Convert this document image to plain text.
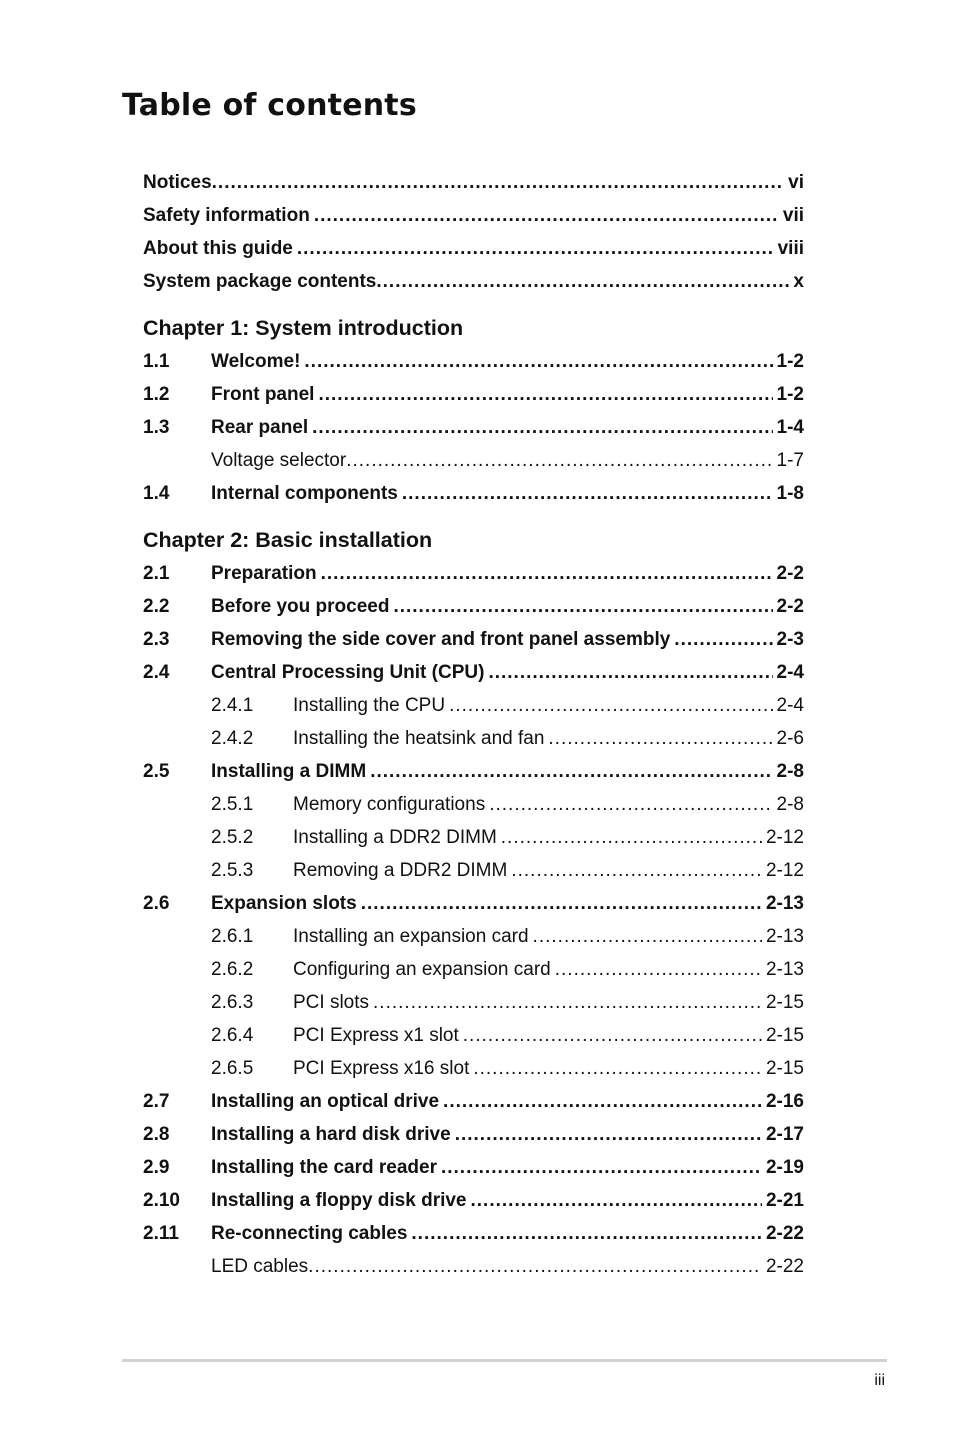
Table of contents
Notices .....	vi
Safety information .....	vii
About this guide .....	viii
System package contents .....	x
Chapter 1: System introduction
1.1	Welcome! .....	1-2
1.2	Front panel .....	1-2
1.3	Rear panel .....	1-4
Voltage selector .....	1-7
1.4	Internal components .....	1-8
Chapter 2: Basic installation
2.1	Preparation .....	2-2
2.2	Before you proceed .....	2-2
2.3	Removing the side cover and front panel assembly .....	2-3
2.4	Central Processing Unit (CPU) .....	2-4
2.4.1	Installing the CPU .....	2-4
2.4.2	Installing the heatsink and fan .....	2-6
2.5	Installing a DIMM .....	2-8
2.5.1	Memory configurations .....	2-8
2.5.2	Installing a DDR2 DIMM .....	2-12
2.5.3	Removing a DDR2 DIMM .....	2-12
2.6	Expansion slots .....	2-13
2.6.1	Installing an expansion card .....	2-13
2.6.2	Configuring an expansion card .....	2-13
2.6.3	PCI slots .....	2-15
2.6.4	PCI Express x1 slot .....	2-15
2.6.5	PCI Express x16 slot .....	2-15
2.7	Installing an optical drive .....	2-16
2.8	Installing a hard disk drive .....	2-17
2.9	Installing the card reader .....	2-19
2.10	Installing a floppy disk drive .....	2-21
2.11	Re-connecting cables .....	2-22
LED cables .....	2-22
iii
